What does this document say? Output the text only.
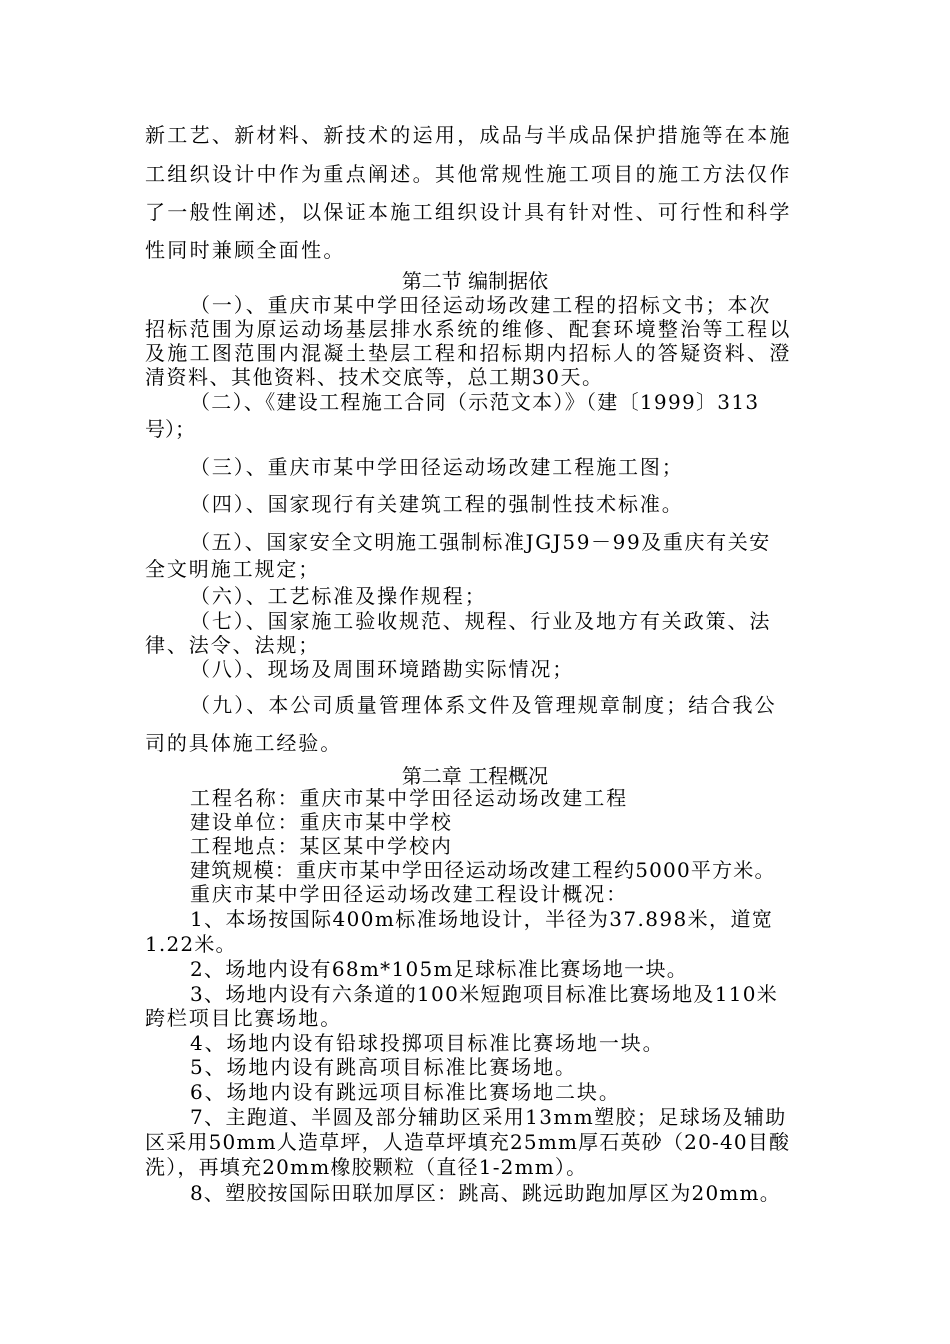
新工艺、新材料、新技术的运用，成品与半成品保护措施等在本施

工组织设计中作为重点阐述。其他常规性施工项目的施工方法仅作

了一般性阐述，以保证本施工组织设计具有针对性、可行性和科学

性同时兼顾全面性。

第二节 编制据依

（一）、重庆市某中学田径运动场改建工程的招标文书；本次

招标范围为原运动场基层排水系统的维修、配套环境整治等工程以

及施工图范围内混凝土垫层工程和招标期内招标人的答疑资料、澄

清资料、其他资料、技术交底等，总工期30天。

（二）、《建设工程施工合同（示范文本）》（建〔1999〕313

号）；

（三）、重庆市某中学田径运动场改建工程施工图；

（四）、国家现行有关建筑工程的强制性技术标准。

（五）、国家安全文明施工强制标准JGJ59－99及重庆有关安

全文明施工规定；

（六）、工艺标准及操作规程；

（七）、国家施工验收规范、规程、行业及地方有关政策、法

律、法令、法规；

（八）、现场及周围环境踏勘实际情况；

（九）、本公司质量管理体系文件及管理规章制度；结合我公

司的具体施工经验。

第二章 工程概况

工程名称：重庆市某中学田径运动场改建工程

建设单位：重庆市某中学校

工程地点：某区某中学校内

建筑规模：重庆市某中学田径运动场改建工程约5000平方米。

重庆市某中学田径运动场改建工程设计概况：

1、本场按国际400m标准场地设计，半径为37.898米，道宽

1.22米。

2、场地内设有68m*105m足球标准比赛场地一块。

3、场地内设有六条道的100米短跑项目标准比赛场地及110米

跨栏项目比赛场地。

4、场地内设有铅球投掷项目标准比赛场地一块。

5、场地内设有跳高项目标准比赛场地。

6、场地内设有跳远项目标准比赛场地二块。

7、主跑道、半圆及部分辅助区采用13mm塑胶；足球场及辅助

区采用50mm人造草坪，人造草坪填充25mm厚石英砂（20-40目酸

洗），再填充20mm橡胶颗粒（直径1-2mm）。

8、塑胶按国际田联加厚区：跳高、跳远助跑加厚区为20mm。
